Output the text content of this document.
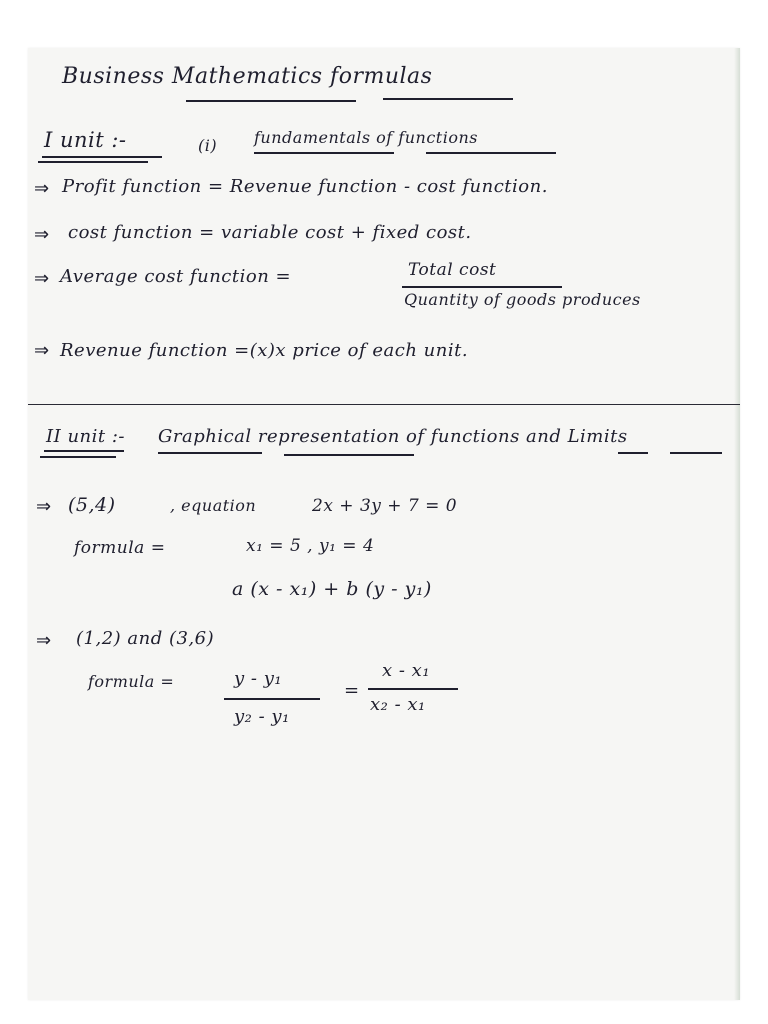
Business Mathematics formulas
I unit :-	(i) fundamentals of functions
⇒ Profit function = Revenue function - cost function.
⇒ cost function = variable cost + fixed cost.
⇒ Average cost function =	Total cost
Quantity of goods produces
⇒ Revenue function =(x)x price of each unit.
II unit :- Graphical representation of functions and Limits
⇒ (5,4)	, equation	2x + 3y + 7 = 0
formula =	x₁ = 5 , y₁ = 4
a (x - x₁) + b (y - y₁)
⇒ (1,2) and (3,6)
formula =	y - y₁
y₂ - y₁
=
x - x₁
x₂ - x₁
